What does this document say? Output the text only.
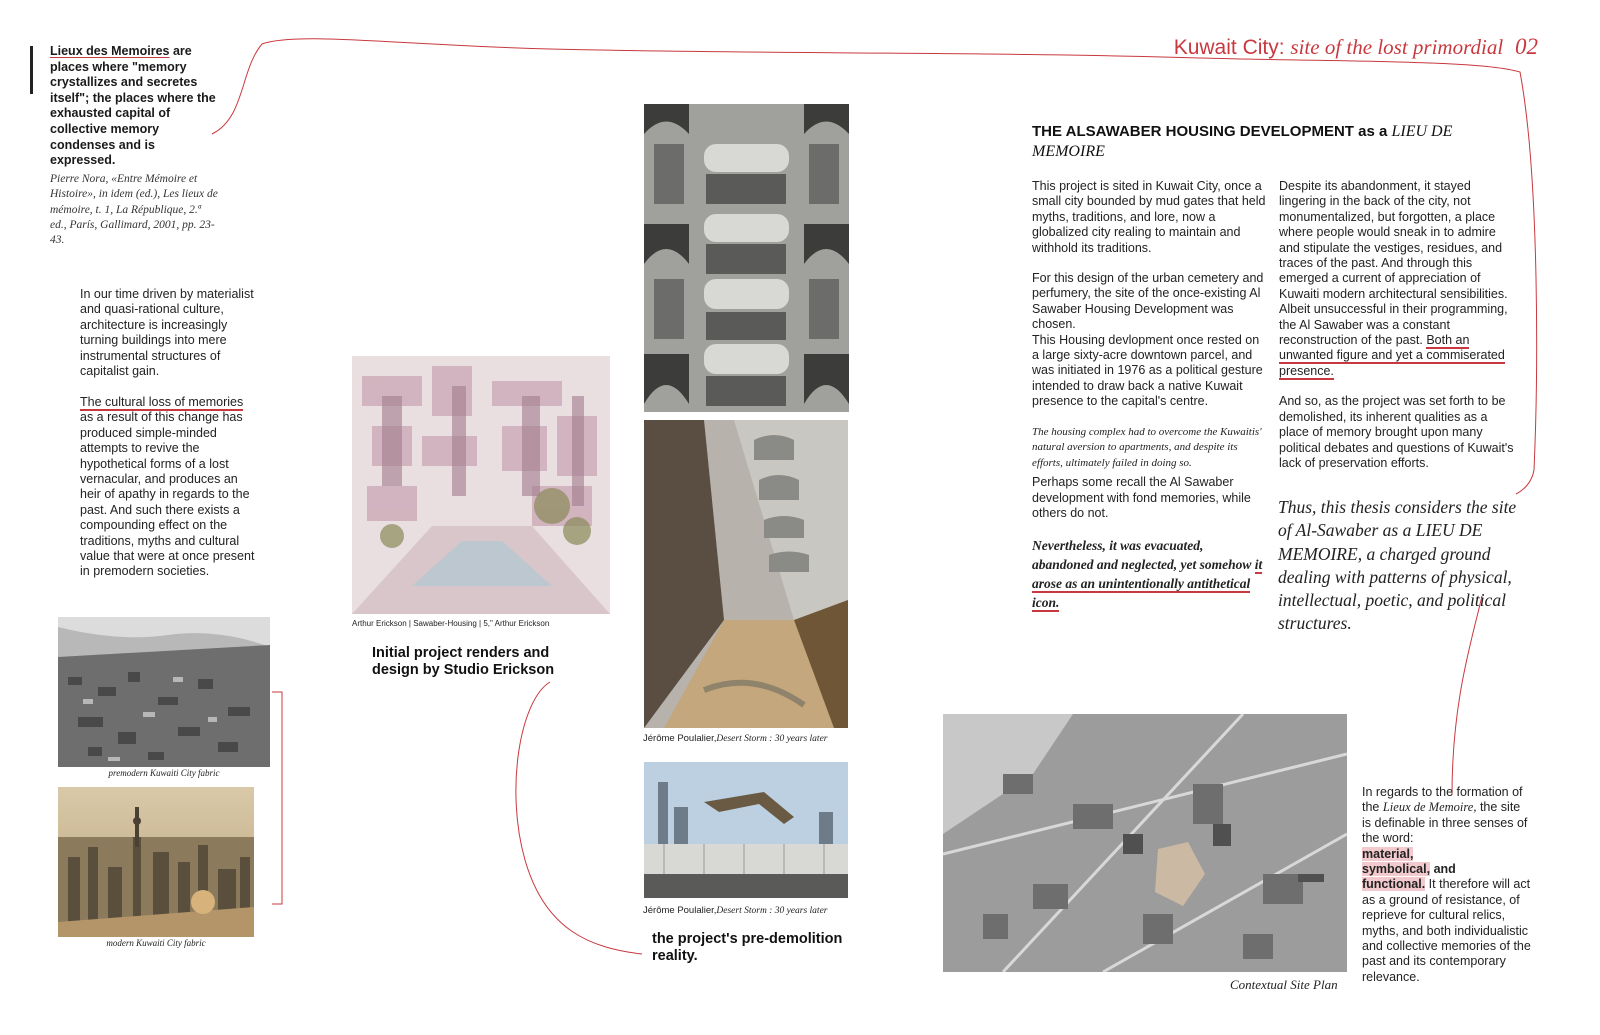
Kuwait City: site of the lost primordial 02
Lieux des Memoires are places where "memory crystallizes and secretes itself"; the places where the exhausted capital of collective memory condenses and is expressed.
Pierre Nora, «Entre Mémoire et Histoire», in idem (ed.), Les lieux de mémoire, t. 1, La République, 2.ª ed., París, Gallimard, 2001, pp. 23-43.
In our time driven by materialist and quasi-rational culture, architecture is increasingly turning buildings into mere instrumental structures of capitalist gain.
The cultural loss of memories as a result of this change has produced simple-minded attempts to revive the hypothetical forms of a lost vernacular, and produces an heir of apathy in regards to the past. And such there exists a compounding effect on the traditions, myths and cultural value that were at once present in premodern societies.
premodern Kuwaiti City fabric
modern Kuwaiti City fabric
Arthur Erickson | Sawaber-Housing | 5," Arthur Erickson
Initial project renders and design by Studio Erickson
Jérôme Poulalier,Desert Storm : 30 years later
Jérôme Poulalier,Desert Storm : 30 years later
the project's pre-demolition reality.
THE ALSAWABER HOUSING DEVELOPMENT as a LIEU DE MEMOIRE

This project is sited in Kuwait City, once a small city bounded by mud gates that held myths, traditions, and lore, now a globalized city realing to maintain and withhold its traditions.

For this design of the urban cemetery and perfumery, the site of the once-existing Al Sawaber Housing Development was chosen.

This Housing devlopment once rested on a large sixty-acre downtown parcel, and was initiated in 1976 as a political gesture intended to draw back a native Kuwait presence to the capital's centre.

The housing complex had to overcome the Kuwaitis' natural aversion to apartments, and despite its efforts, ultimately failed in doing so.

Perhaps some recall the Al Sawaber development with fond memories, while others do not.

Nevertheless, it was evacuated, abandoned and neglected, yet somehow it arose as an unintentionally antithetical icon.

Despite its abandonment, it stayed lingering in the back of the city, not monumentalized, but forgotten, a place where people would sneak in to admire and stipulate the vestiges, residues, and traces of the past. And through this emerged a current of appreciation of Kuwaiti modern architectural sensibilities. Albeit unsuccessful in their programming, the Al Sawaber was a constant reconstruction of the past. Both an unwanted figure and yet a commiserated presence.

And so, as the project was set forth to be demolished, its inherent qualities as a place of memory brought upon many political debates and questions of Kuwait's lack of preservation efforts.

Thus, this thesis considers the site of Al-Sawaber as a LIEU DE MEMOIRE, a charged ground dealing with patterns of physical, intellectual, poetic, and political structures.
Contextual Site Plan
In regards to the formation of the Lieux de Memoire, the site is definable in three senses of the word:
material,
symbolical, and
functional. It therefore will act as a ground of resistance, of reprieve for cultural relics, myths, and both individualistic and collective memories of the past and its contemporary relevance.
